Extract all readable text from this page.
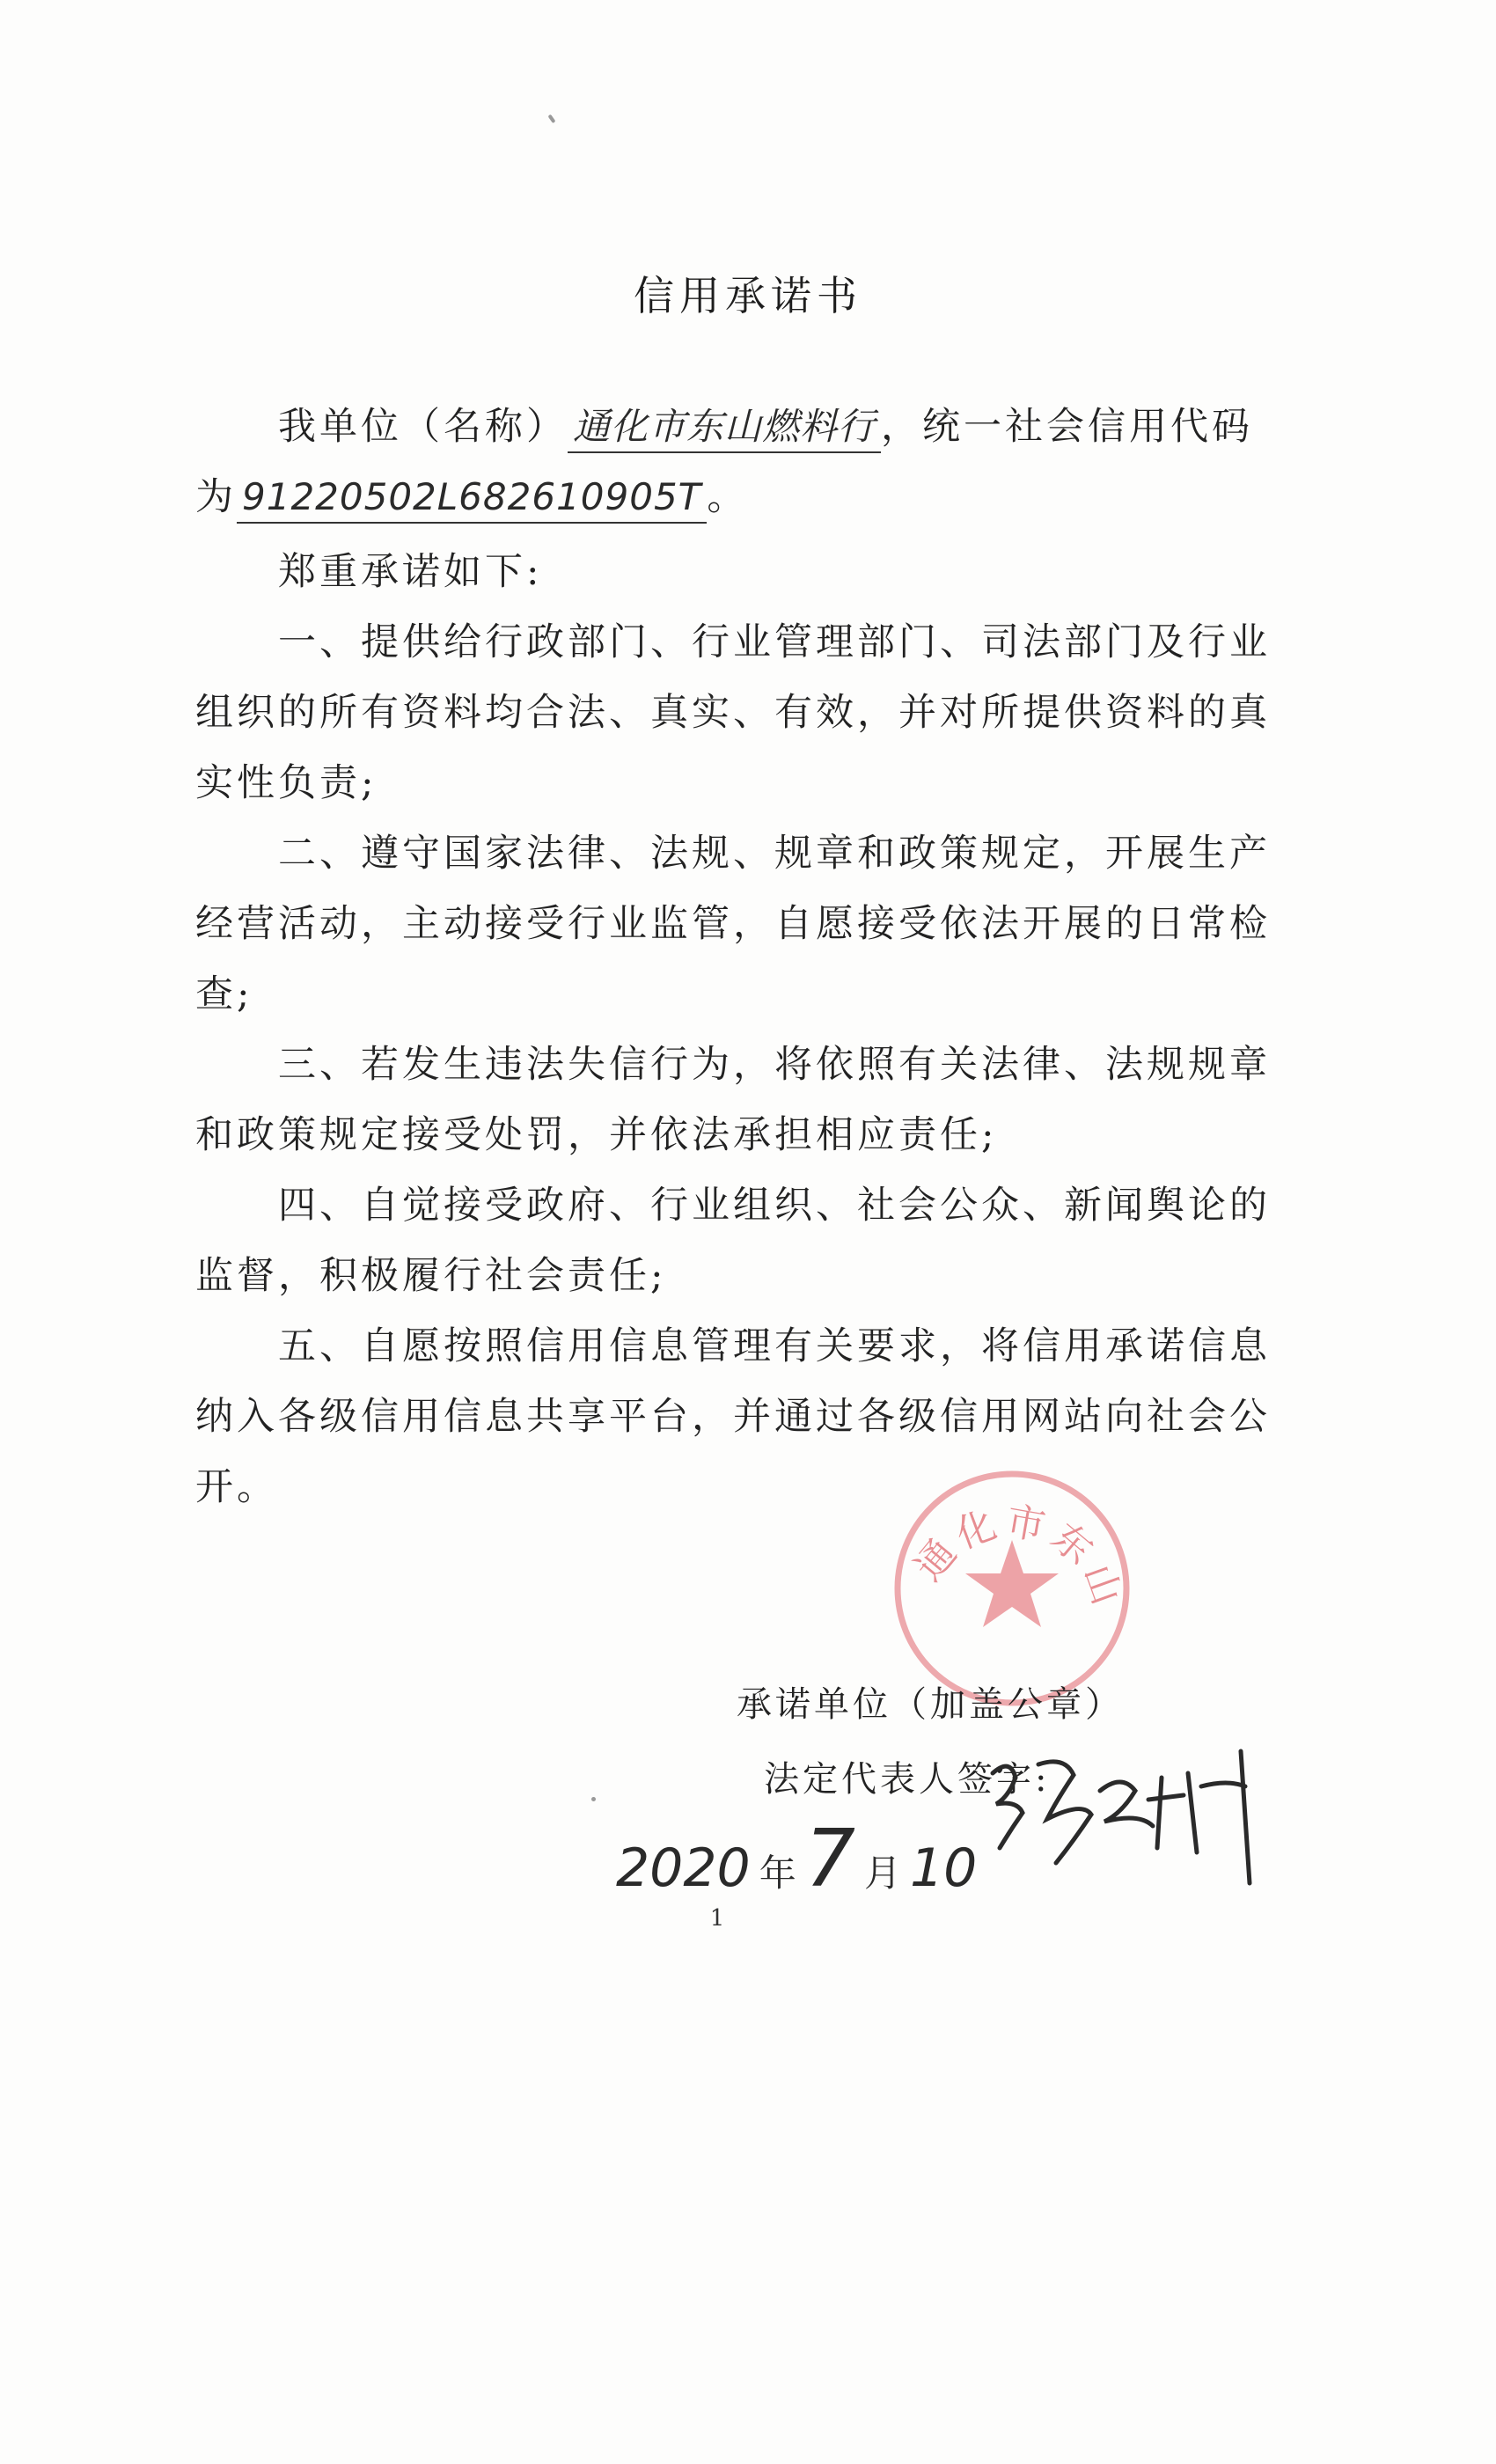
信用承诺书
我单位（名称） 通化市东山燃料行 ，统一社会信用代码
为 91220502L682610905T 。
郑重承诺如下:
一、提供给行政部门、行业管理部门、司法部门及行业
组织的所有资料均合法、真实、有效，并对所提供资料的真
实性负责;
二、遵守国家法律、法规、规章和政策规定，开展生产
经营活动，主动接受行业监管，自愿接受依法开展的日常检
查;
三、若发生违法失信行为，将依照有关法律、法规规章
和政策规定接受处罚，并依法承担相应责任;
四、自觉接受政府、行业组织、社会公众、新闻舆论的
监督，积极履行社会责任;
五、自愿按照信用信息管理有关要求，将信用承诺信息
纳入各级信用信息共享平台，并通过各级信用网站向社会公
开。
通化市东山
承诺单位（加盖公章）
法定代表人签字:
2020 年 7 月 10
1
